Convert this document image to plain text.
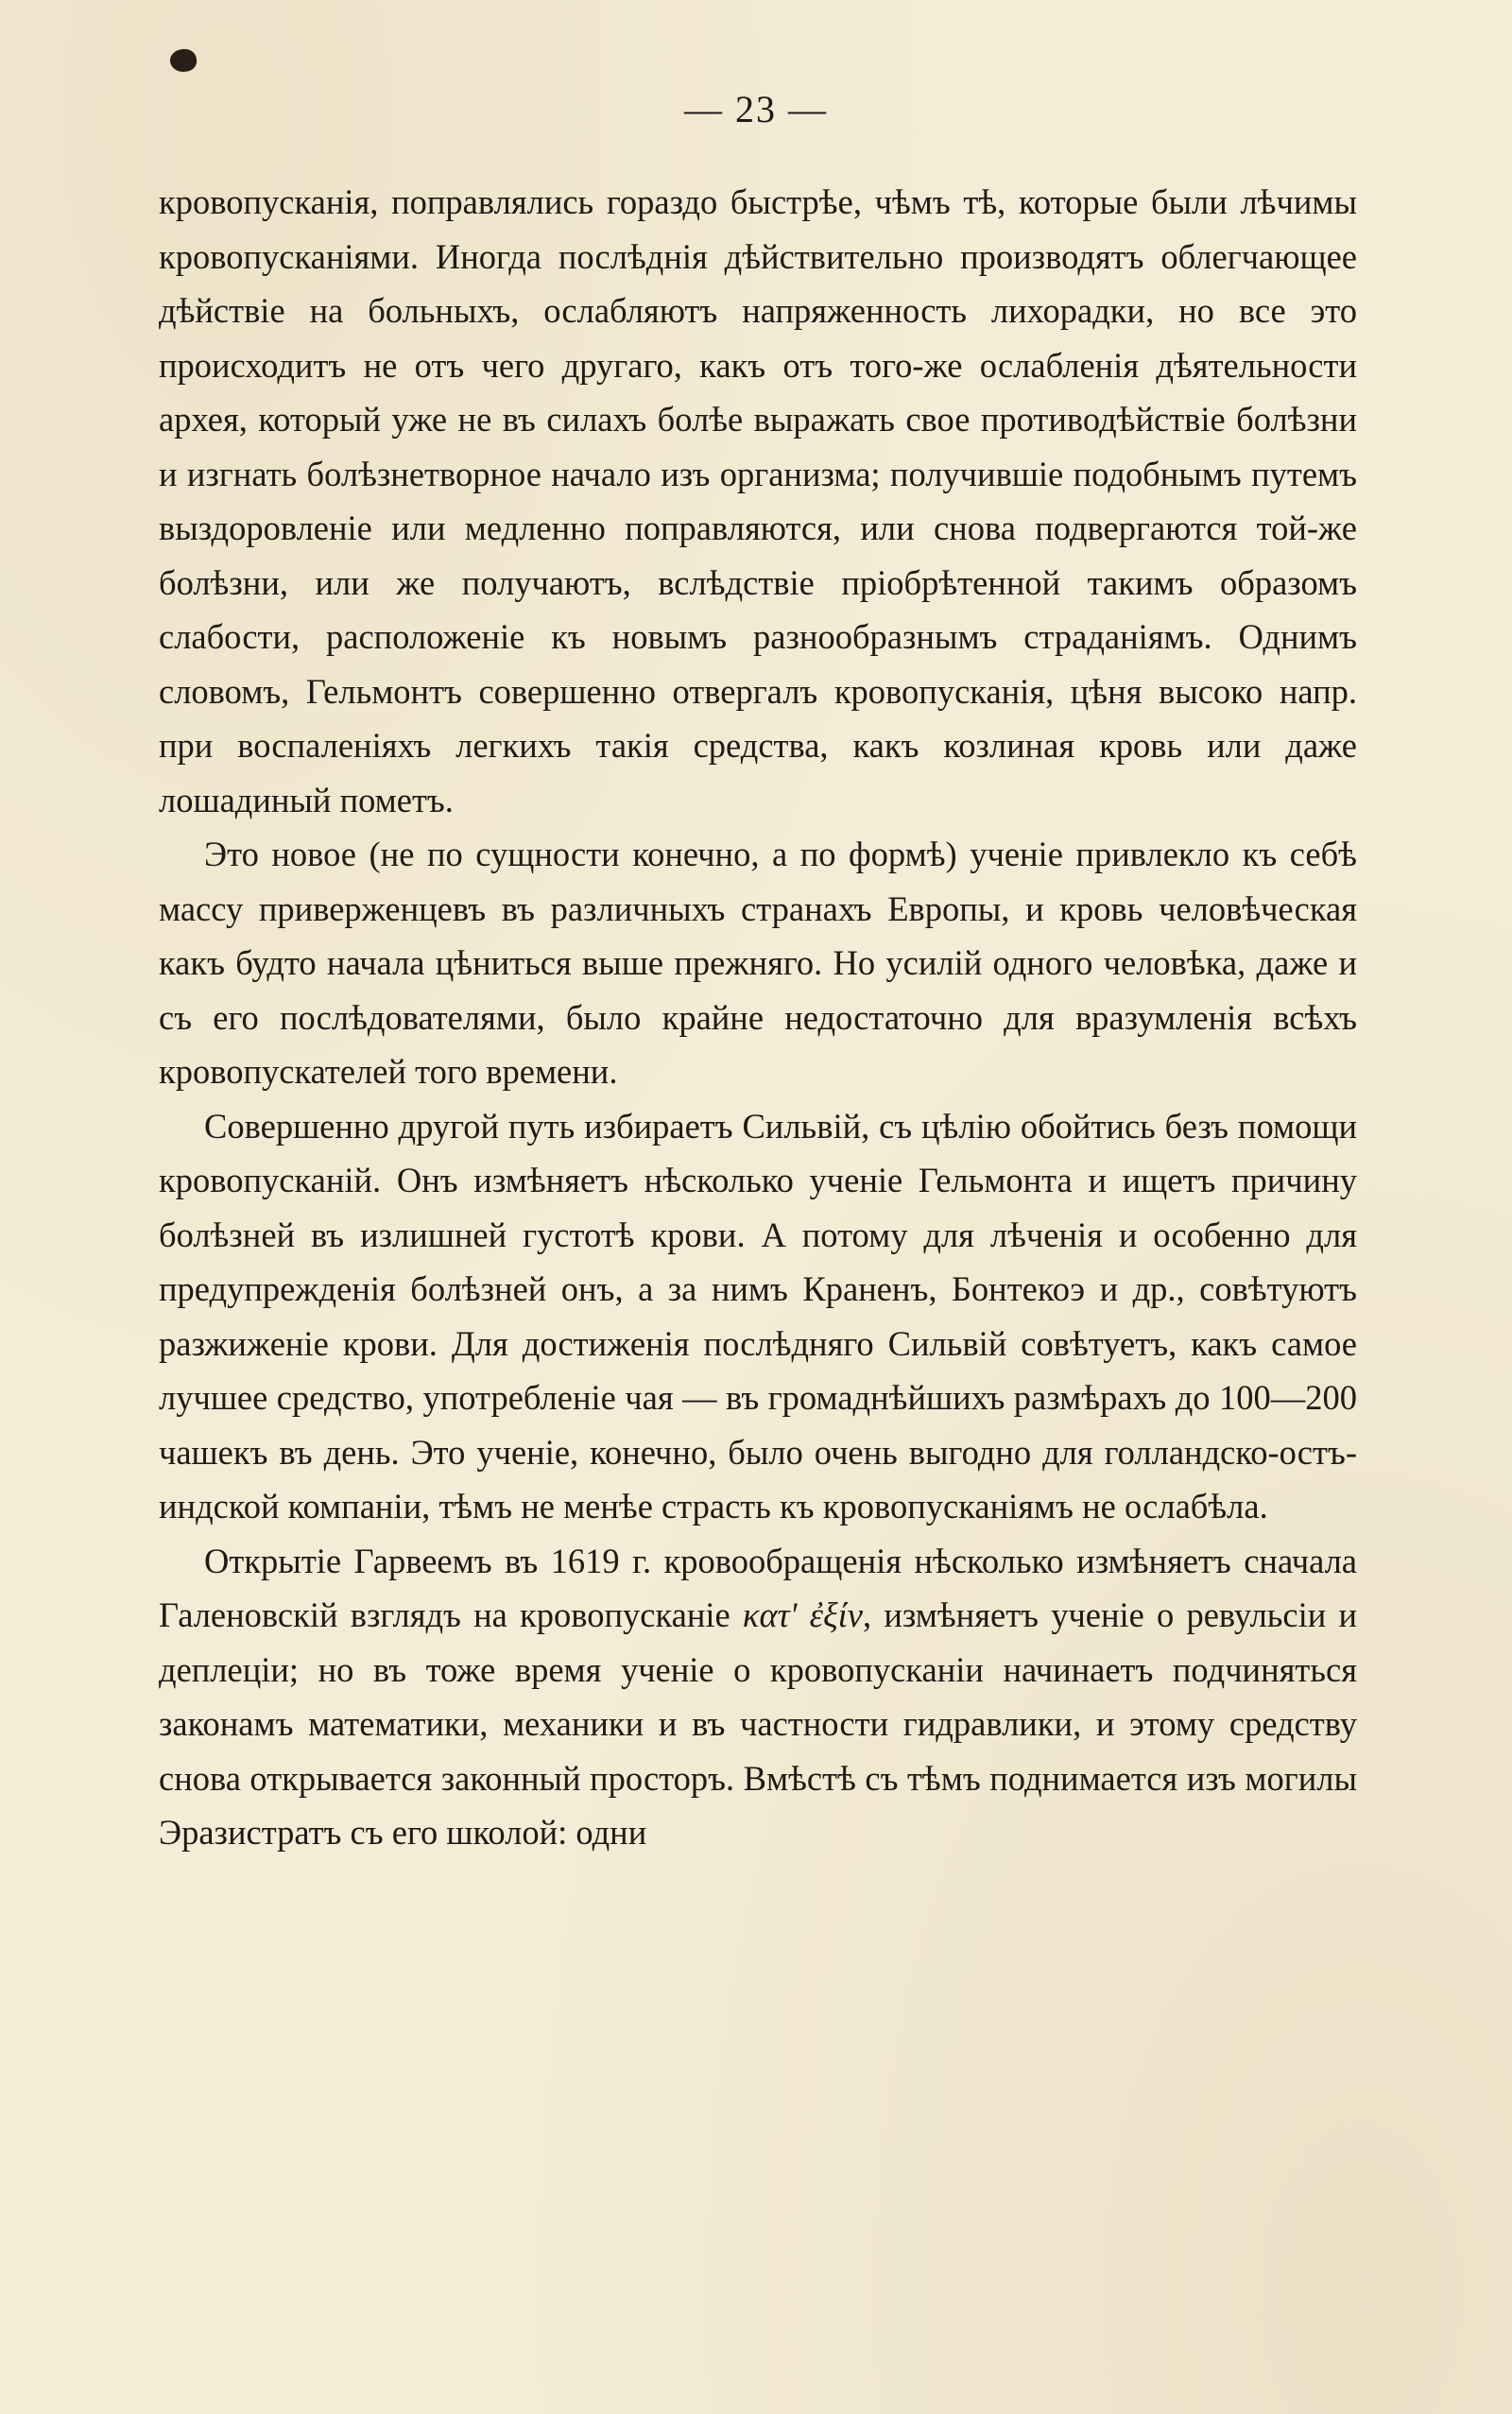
— 23 —

кровопусканія, поправлялись гораздо быстрѣе, чѣмъ тѣ, которые были лѣчимы кровопусканіями. Иногда послѣднія дѣйствительно производятъ облегчающее дѣйствіе на больныхъ, ослабляютъ напряженность лихорадки, но все это происходитъ не отъ чего другаго, какъ отъ того-же ослабленія дѣятельности архея, который уже не въ силахъ болѣе выражать свое противодѣйствіе болѣзни и изгнать болѣзнетворное начало изъ организма; получившіе подобнымъ путемъ выздоровленіе или медленно поправляются, или снова подвергаются той-же болѣзни, или же получаютъ, вслѣдствіе пріобрѣтенной такимъ образомъ слабости, расположеніе къ новымъ разнообразнымъ страданіямъ. Однимъ словомъ, Гельмонтъ совершенно отвергалъ кровопусканія, цѣня высоко напр. при воспаленіяхъ легкихъ такія средства, какъ козлиная кровь или даже лошадиный пометъ.

Это новое (не по сущности конечно, а по формѣ) ученіе привлекло къ себѣ массу приверженцевъ въ различныхъ странахъ Европы, и кровь человѣческая какъ будто начала цѣниться выше прежняго. Но усилій одного человѣка, даже и съ его послѣдователями, было крайне недостаточно для вразумленія всѣхъ кровопускателей того времени.

Совершенно другой путь избираетъ Сильвій, съ цѣлію обойтись безъ помощи кровопусканій. Онъ измѣняетъ нѣсколько ученіе Гельмонта и ищетъ причину болѣзней въ излишней густотѣ крови. А потому для лѣченія и особенно для предупрежденія болѣзней онъ, а за нимъ Краненъ, Бонтекоэ и др., совѣтуютъ разжиженіе крови. Для достиженія послѣдняго Сильвій совѣтуетъ, какъ самое лучшее средство, употребленіе чая — въ громаднѣйшихъ размѣрахъ до 100—200 чашекъ въ день. Это ученіе, конечно, было очень выгодно для голландско-остъ-индской компаніи, тѣмъ не менѣе страсть къ кровопусканіямъ не ослабѣла.

Открытіе Гарвеемъ въ 1619 г. кровообращенія нѣсколько измѣняетъ сначала Галеновскій взглядъ на кровопусканіе κατ' ἐξίν, измѣняетъ ученіе о ревульсіи и деплеціи; но въ тоже время ученіе о кровопусканіи начинаетъ подчиняться законамъ математики, механики и въ частности гидравлики, и этому средству снова открывается законный просторъ. Вмѣстѣ съ тѣмъ поднимается изъ могилы Эразистратъ съ его школой: одни
